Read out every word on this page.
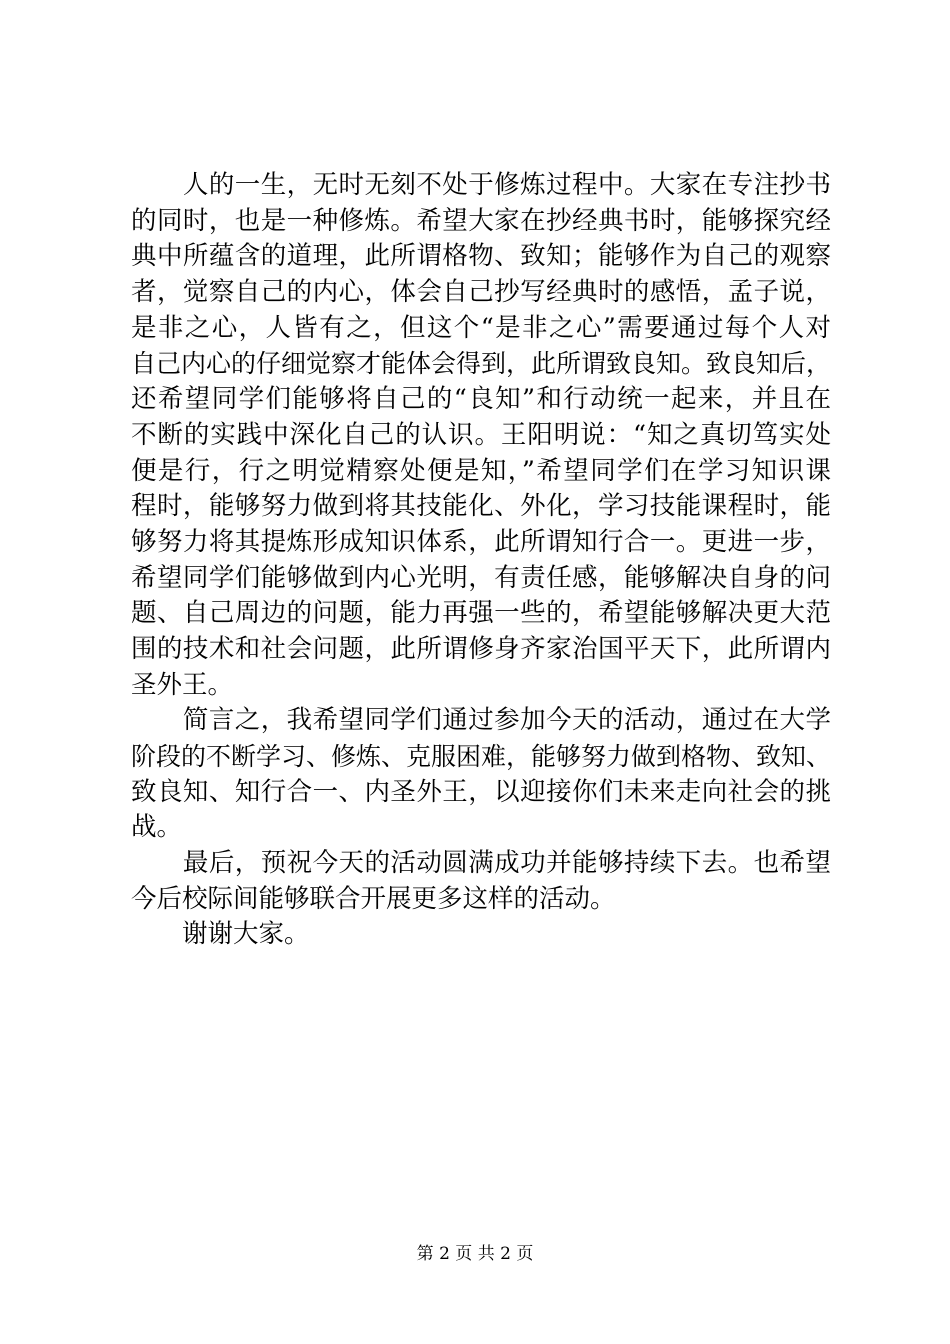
　　人的一生，无时无刻不处于修炼过程中。大家在专注抄书
的同时，也是一种修炼。希望大家在抄经典书时，能够探究经
典中所蕴含的道理，此所谓格物、致知；能够作为自己的观察
者，觉察自己的内心，体会自己抄写经典时的感悟，孟子说，
是非之心，人皆有之，但这个“是非之心”需要通过每个人对
自己内心的仔细觉察才能体会得到，此所谓致良知。致良知后，
还希望同学们能够将自己的“良知”和行动统一起来，并且在
不断的实践中深化自己的认识。王阳明说：“知之真切笃实处
便是行，行之明觉精察处便是知，”希望同学们在学习知识课
程时，能够努力做到将其技能化、外化，学习技能课程时，能
够努力将其提炼形成知识体系，此所谓知行合一。更进一步，
希望同学们能够做到内心光明，有责任感，能够解决自身的问
题、自己周边的问题，能力再强一些的，希望能够解决更大范
围的技术和社会问题，此所谓修身齐家治国平天下，此所谓内
圣外王。
　　简言之，我希望同学们通过参加今天的活动，通过在大学
阶段的不断学习、修炼、克服困难，能够努力做到格物、致知、
致良知、知行合一、内圣外王，以迎接你们未来走向社会的挑
战。
　　最后，预祝今天的活动圆满成功并能够持续下去。也希望
今后校际间能够联合开展更多这样的活动。
　　谢谢大家。
第 2 页 共 2 页
